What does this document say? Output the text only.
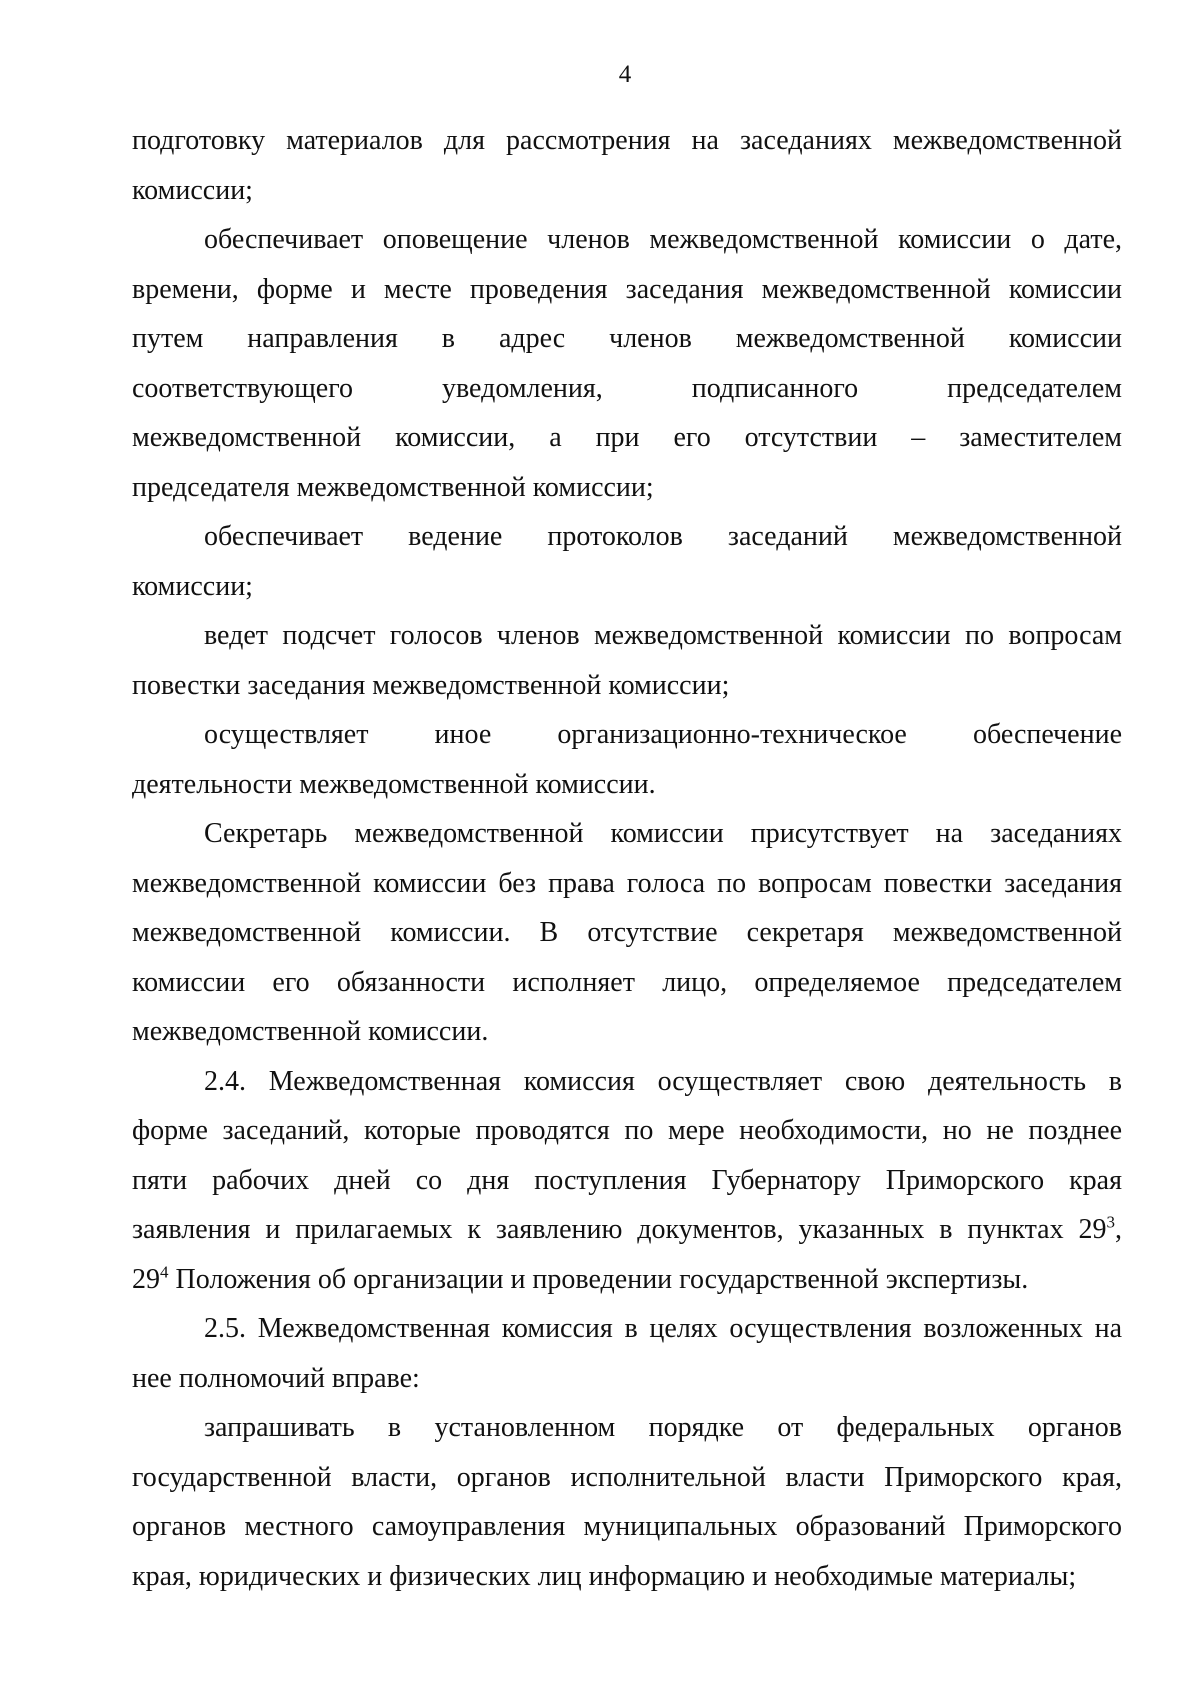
4
подготовку материалов для рассмотрения на заседаниях межведомственной
комиссии;
обеспечивает оповещение членов межведомственной комиссии о дате,
времени, форме и месте проведения заседания межведомственной комиссии
путем направления в адрес членов межведомственной комиссии
соответствующего уведомления, подписанного председателем
межведомственной комиссии, а при его отсутствии – заместителем
председателя межведомственной комиссии;
обеспечивает ведение протоколов заседаний межведомственной
комиссии;
ведет подсчет голосов членов межведомственной комиссии по вопросам
повестки заседания межведомственной комиссии;
осуществляет иное организационно-техническое обеспечение
деятельности межведомственной комиссии.
Секретарь межведомственной комиссии присутствует на заседаниях
межведомственной комиссии без права голоса по вопросам повестки заседания
межведомственной комиссии. В отсутствие секретаря межведомственной
комиссии его обязанности исполняет лицо, определяемое председателем
межведомственной комиссии.
2.4. Межведомственная комиссия осуществляет свою деятельность в
форме заседаний, которые проводятся по мере необходимости, но не позднее
пяти рабочих дней со дня поступления Губернатору Приморского края
заявления и прилагаемых к заявлению документов, указанных в пунктах $29^3$,
$29^4$ Положения об организации и проведении государственной экспертизы.
2.5. Межведомственная комиссия в целях осуществления возложенных на
нее полномочий вправе:
запрашивать в установленном порядке от федеральных органов
государственной власти, органов исполнительной власти Приморского края,
органов местного самоуправления муниципальных образований Приморского
края, юридических и физических лиц информацию и необходимые материалы;
